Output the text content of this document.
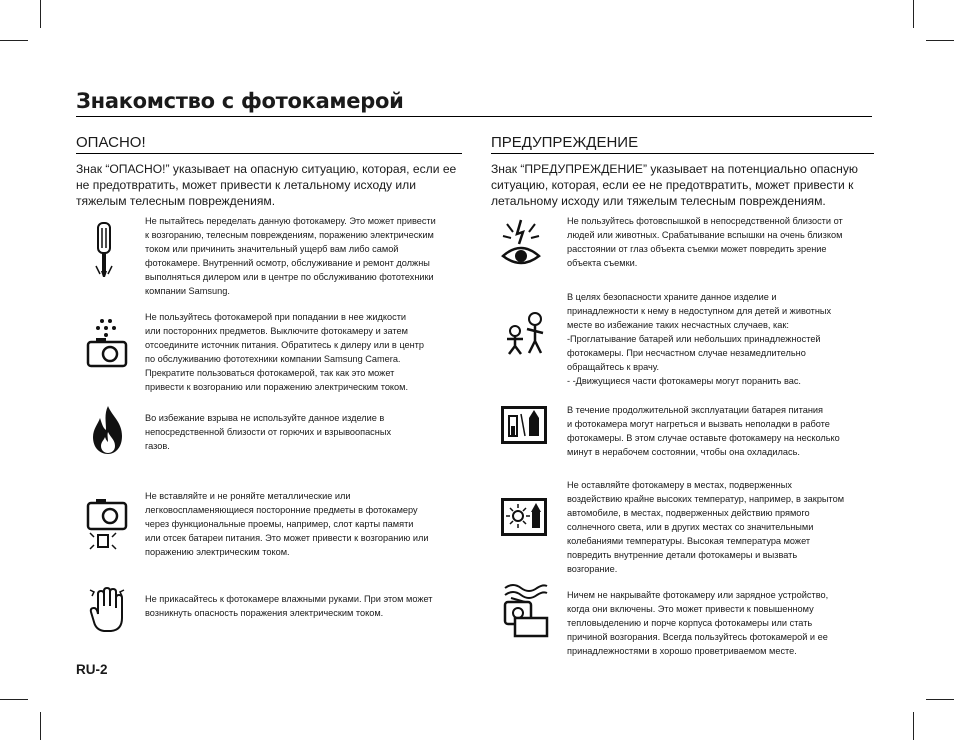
Знакомство с фотокамерой
ОПАСНО!
Знак “ОПАСНО!” указывает на опасную ситуацию, которая, если ее не предотвратить, может привести к летальному исходу или тяжелым телесным повреждениям.
Не пытайтесь переделать данную фотокамеру. Это может привести
к возгоранию, телесным повреждениям, поражению электрическим
током или причинить значительный ущерб вам либо самой
фотокамере. Внутренний осмотр, обслуживание и ремонт должны
выполняться дилером или в центре по обслуживанию фототехники
компании Samsung.
Не пользуйтесь фотокамерой при попадании в нее жидкости
или посторонних предметов. Выключите фотокамеру и затем
отсоедините источник питания. Обратитесь к дилеру или в центр
по обслуживанию фототехники компании Samsung Camera.
Прекратите пользоваться фотокамерой, так как это может
привести к возгоранию или поражению электрическим током.
Во избежание взрыва не используйте данное изделие в
непосредственной близости от горючих и взрывоопасных
газов.
Не вставляйте и не роняйте металлические или
легковоспламеняющиеся посторонние предметы в фотокамеру
через функциональные проемы, например, слот карты памяти
или отсек батареи питания. Это может привести к возгоранию или
поражению электрическим током.
Не прикасайтесь к фотокамере влажными руками. При этом может
возникнуть опасность поражения электрическим током.
ПРЕДУПРЕЖДЕНИЕ
Знак “ПРЕДУПРЕЖДЕНИЕ” указывает на потенциально опасную ситуацию, которая, если ее не предотвратить, может привести к летальному исходу или тяжелым телесным повреждениям.
Не пользуйтесь фотовспышкой в непосредственной близости от
людей или животных. Срабатывание вспышки на очень близком
расстоянии от глаз объекта съемки может повредить зрение
объекта съемки.
В целях безопасности храните данное изделие и
принадлежности к нему в недоступном для детей и животных
месте во избежание таких несчастных случаев, как:
-Проглатывание батарей или небольших принадлежностей
фотокамеры. При несчастном случае незамедлительно
обращайтесь к врачу.
- -Движущиеся части фотокамеры могут поранить вас.
В течение продолжительной эксплуатации батарея питания
и фотокамера могут нагреться и вызвать неполадки в работе
фотокамеры. В этом случае оставьте фотокамеру на несколько
минут в нерабочем состоянии, чтобы она охладилась.
Не оставляйте фотокамеру в местах, подверженных
воздействию крайне высоких температур, например, в закрытом
автомобиле, в местах, подверженных действию прямого
солнечного света, или в других местах со значительными
колебаниями температуры. Высокая температура может
повредить внутренние детали фотокамеры и вызвать
возгорание.
Ничем не накрывайте фотокамеру или зарядное устройство,
когда они включены. Это может привести к повышенному
тепловыделению и порче корпуса фотокамеры или стать
причиной возгорания. Всегда пользуйтесь фотокамерой и ее
принадлежностями в хорошо проветриваемом месте.
RU-2
